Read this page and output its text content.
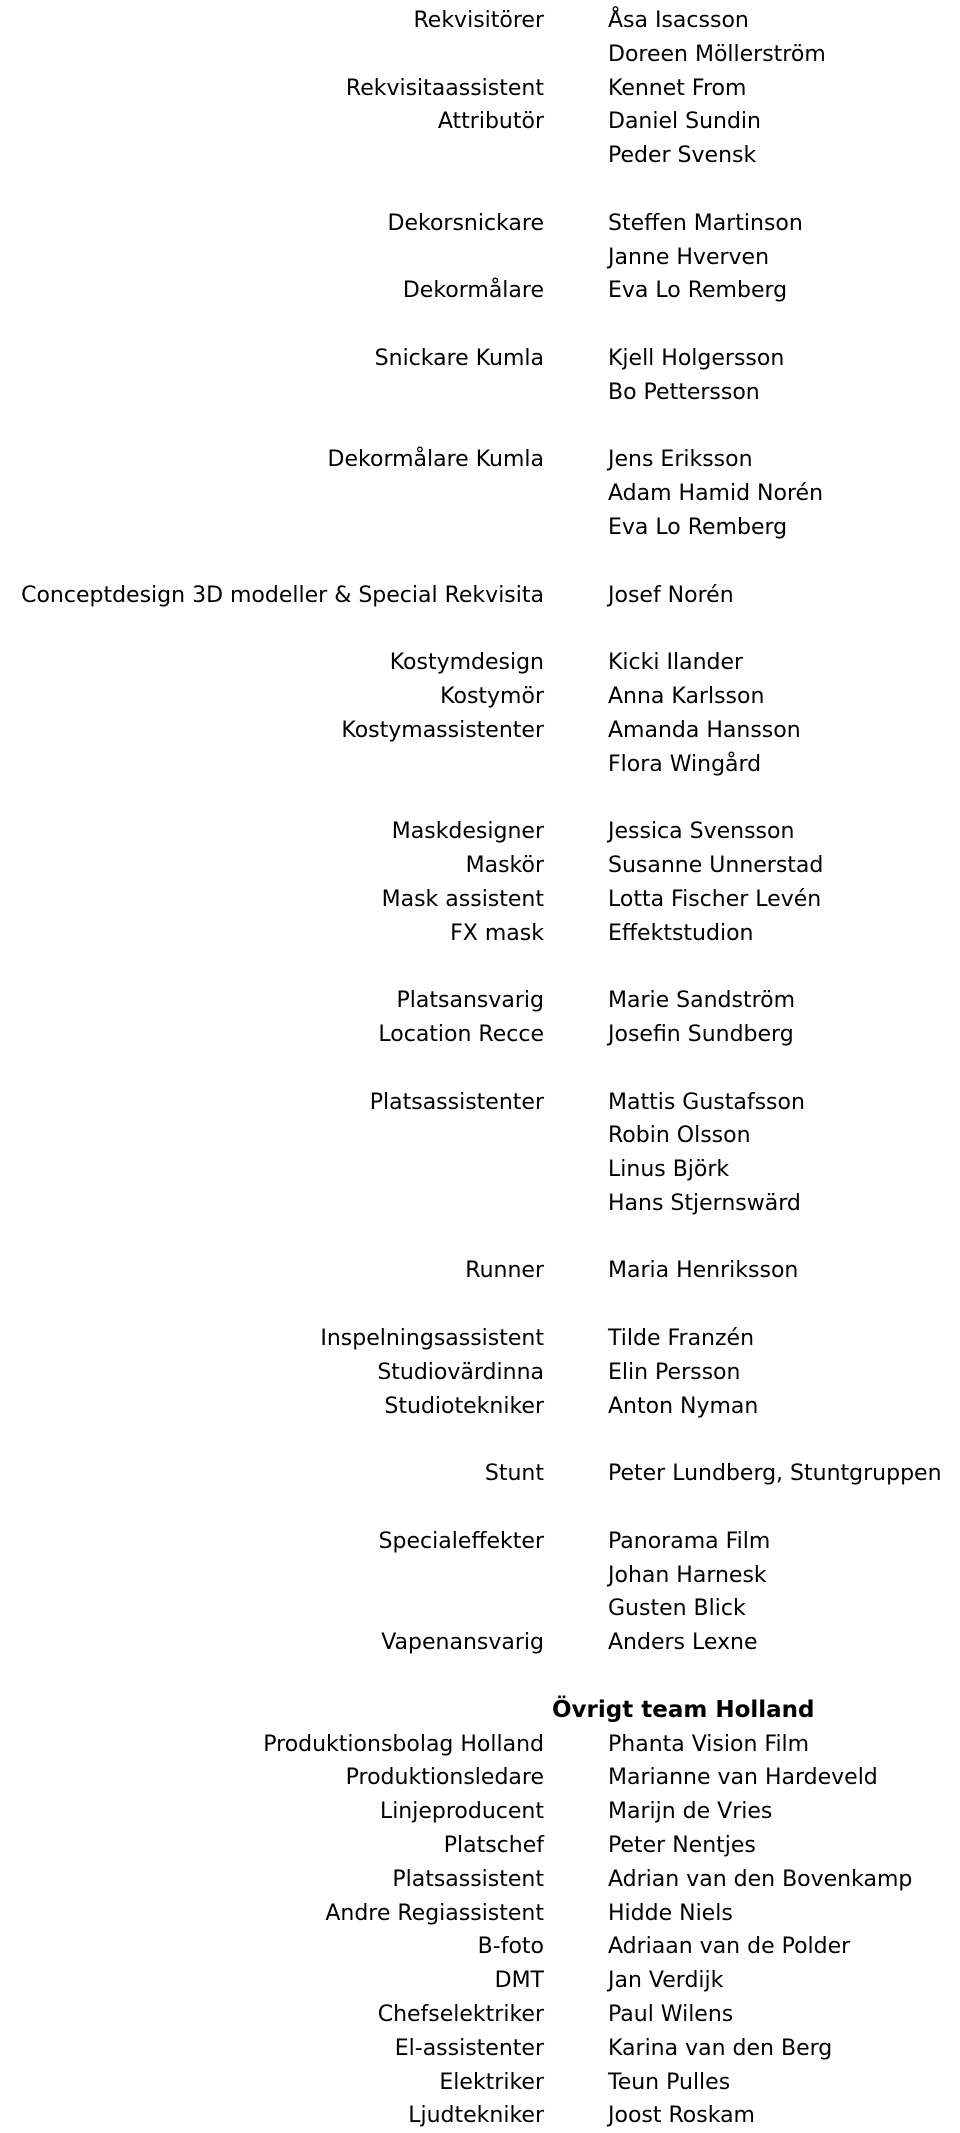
Rekvisitörer	Åsa Isacsson
Doreen Möllerström
Rekvisitaassistent	Kennet From
Attributör	Daniel Sundin
Peder Svensk
Dekorsnickare	Steffen Martinson
Janne Hverven
Dekormålare	Eva Lo Remberg
Snickare Kumla	Kjell Holgersson
Bo Pettersson
Dekormålare Kumla	Jens Eriksson
Adam Hamid Norén
Eva Lo Remberg
Conceptdesign 3D modeller & Special Rekvisita	Josef Norén
Kostymdesign	Kicki Ilander
Kostymör	Anna Karlsson
Kostymassistenter	Amanda Hansson
Flora Wingård
Maskdesigner	Jessica Svensson
Maskör	Susanne Unnerstad
Mask assistent	Lotta Fischer Levén
FX mask	Effektstudion
Platsansvarig	Marie Sandström
Location Recce	Josefin Sundberg
Platsassistenter	Mattis Gustafsson
Robin Olsson
Linus Björk
Hans Stjernswärd
Runner	Maria Henriksson
Inspelningsassistent	Tilde Franzén
Studiovärdinna	Elin Persson
Studiotekniker	Anton Nyman
Stunt	Peter Lundberg, Stuntgruppen
Specialeffekter	Panorama Film
Johan Harnesk
Gusten Blick
Vapenansvarig	Anders Lexne
Övrigt team Holland
Produktionsbolag Holland	Phanta Vision Film
Produktionsledare	Marianne van Hardeveld
Linjeproducent	Marijn de Vries
Platschef	Peter Nentjes
Platsassistent	Adrian van den Bovenkamp
Andre Regiassistent	Hidde Niels
B-foto	Adriaan van de Polder
DMT	Jan Verdijk
Chefselektriker	Paul Wilens
El-assistenter	Karina van den Berg
Elektriker	Teun Pulles
Ljudtekniker	Joost Roskam
